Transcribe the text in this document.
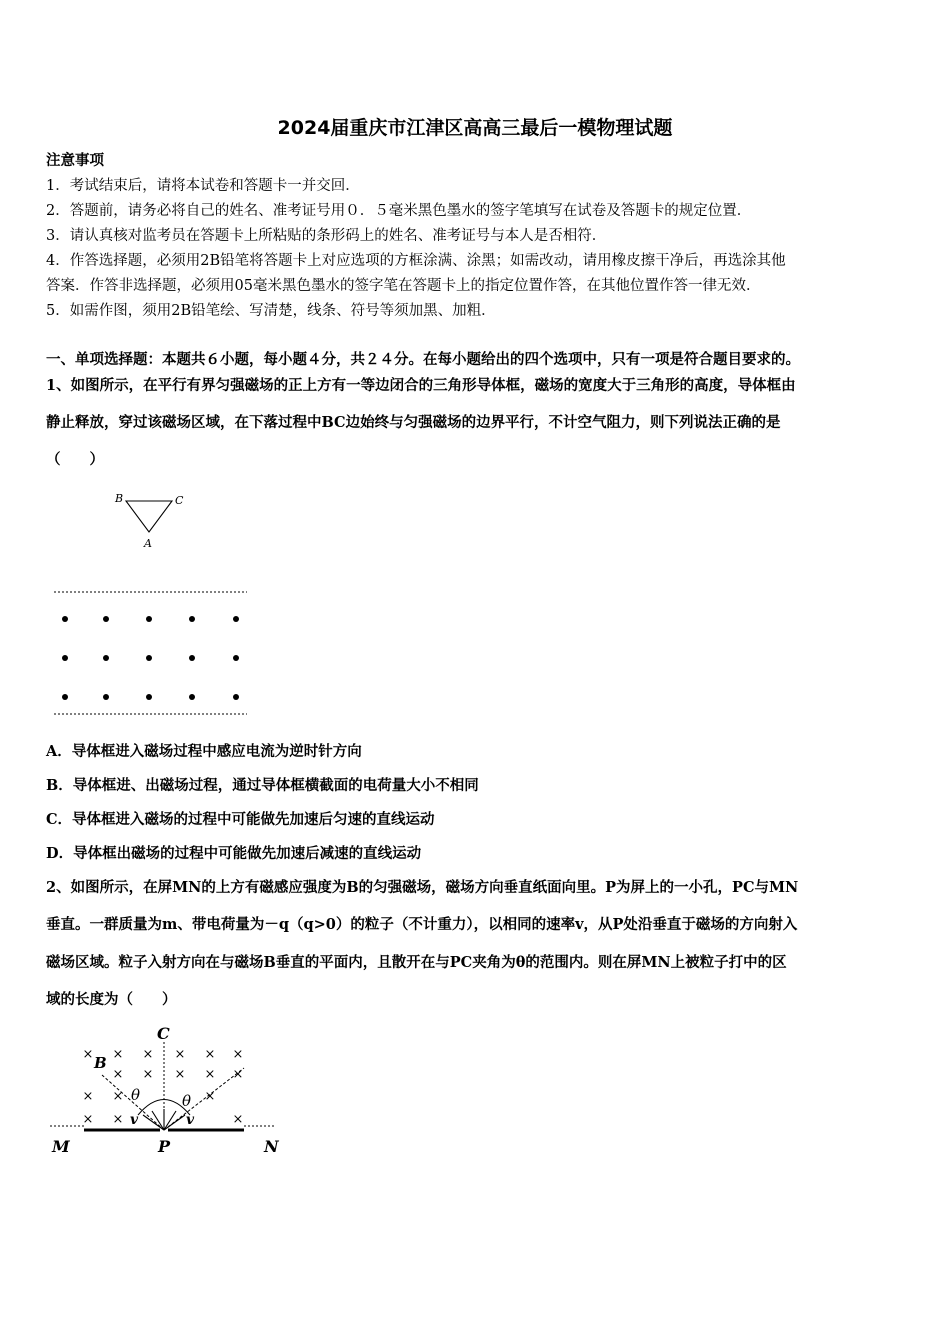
2024届重庆市江津区高高三最后一模物理试题
注意事项
1．考试结束后，请将本试卷和答题卡一并交回．
2．答题前，请务必将自己的姓名、准考证号用０．５毫米黑色墨水的签字笔填写在试卷及答题卡的规定位置．
3．请认真核对监考员在答题卡上所粘贴的条形码上的姓名、准考证号与本人是否相符．
4．作答选择题，必须用2B铅笔将答题卡上对应选项的方框涂满、涂黑；如需改动，请用橡皮擦干净后，再选涂其他
答案．作答非选择题，必须用05毫米黑色墨水的签字笔在答题卡上的指定位置作答，在其他位置作答一律无效．
5．如需作图，须用2B铅笔绘、写清楚，线条、符号等须加黑、加粗．
一、单项选择题：本题共６小题，每小题４分，共２４分。在每小题给出的四个选项中，只有一项是符合题目要求的。
1、如图所示，在平行有界匀强磁场的正上方有一等边闭合的三角形导体框，磁场的宽度大于三角形的高度，导体框由
静止释放，穿过该磁场区域，在下落过程中BC边始终与匀强磁场的边界平行，不计空气阻力，则下列说法正确的是
（　　）
B	C
A
A．导体框进入磁场过程中感应电流为逆时针方向
B．导体框进、出磁场过程，通过导体框横截面的电荷量大小不相同
C．导体框进入磁场的过程中可能做先加速后匀速的直线运动
D．导体框出磁场的过程中可能做先加速后减速的直线运动
2、如图所示，在屏MN的上方有磁感应强度为B的匀强磁场，磁场方向垂直纸面向里。P为屏上的一小孔，PC与MN
垂直。一群质量为m、带电荷量为－q（q>0）的粒子（不计重力），以相同的速率v，从P处沿垂直于磁场的方向射入
磁场区域。粒子入射方向在与磁场B垂直的平面内，且散开在与PC夹角为θ的范围内。则在屏MN上被粒子打中的区
域的长度为（　　）
× × × × × ×
× × × × ×
× ×	×
× ×	×
C
B
θ	θ
v	v
M	P	N
